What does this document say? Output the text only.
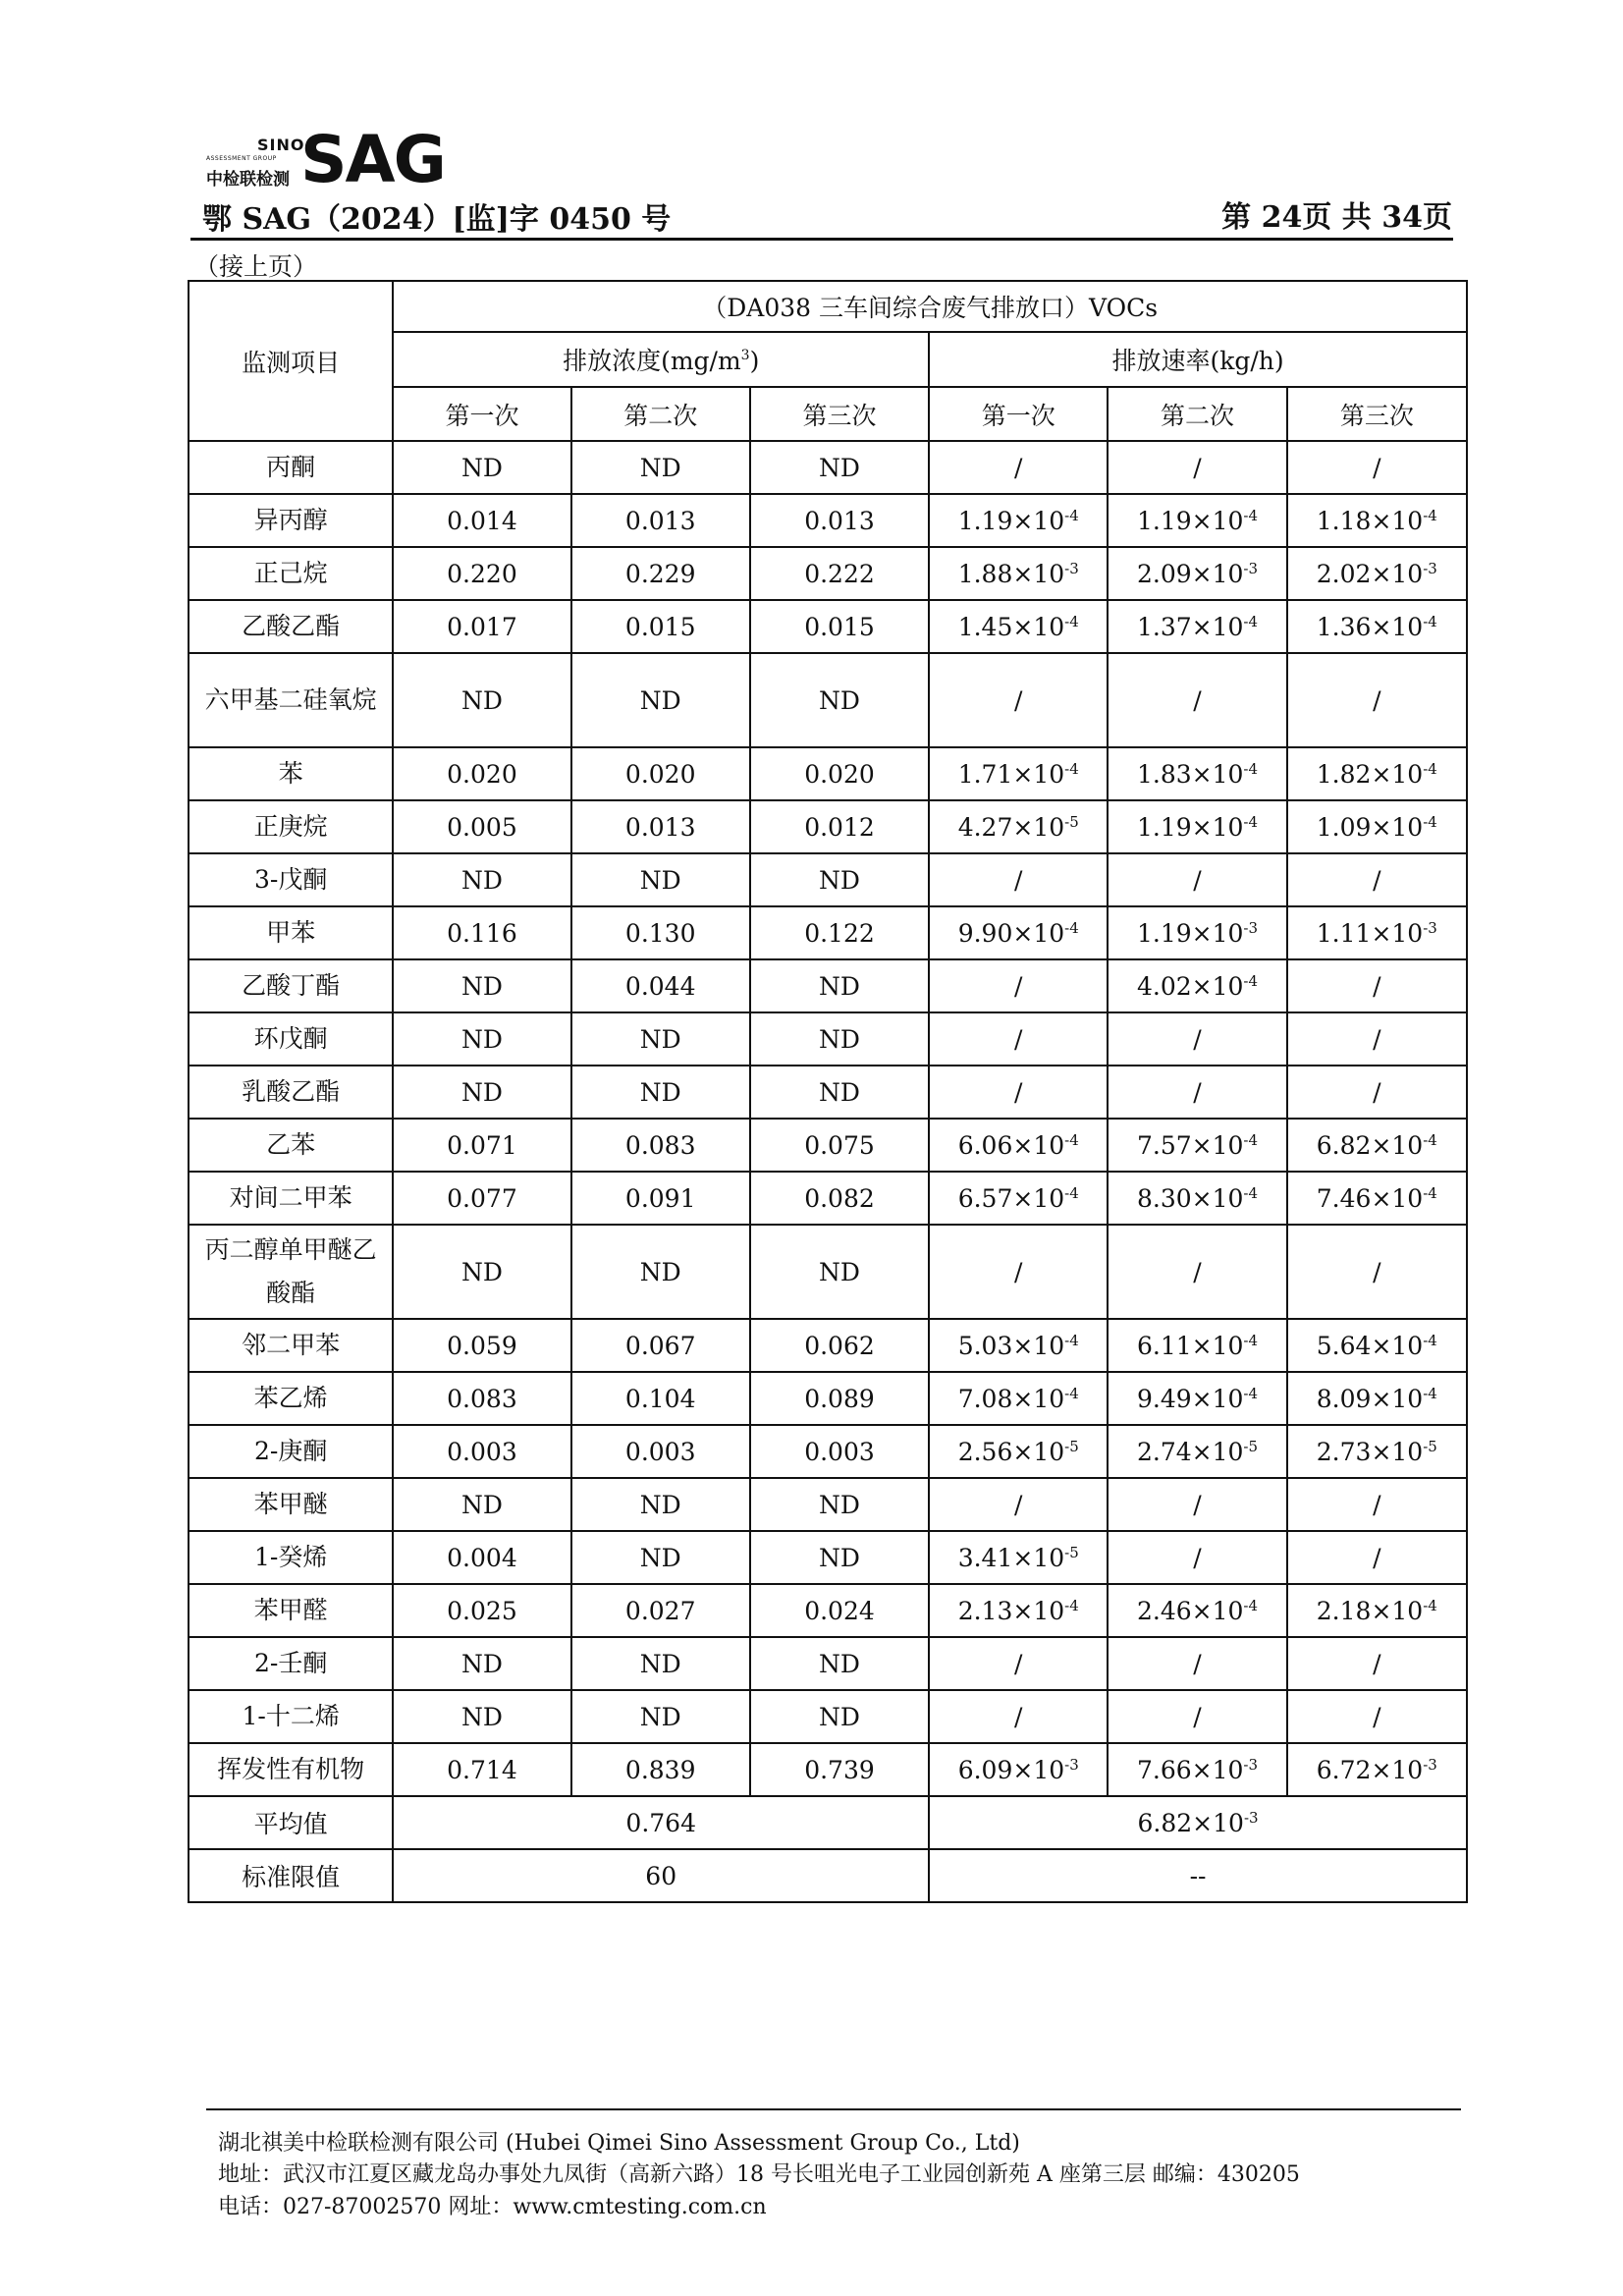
SINO
ASSESSMENT GROUP
中检联检测 SAG
鄂 SAG（2024）[监]字 0450 号	第 24页 共 34页
（接上页）
监测项目	（DA038 三车间综合废气排放口）VOCs					
	排放浓度$(mg/m^3)$			排放速率(kg/h)		
	第一次	第二次	第三次	第一次	第二次	第三次
丙酮	ND	ND	ND	/	/	/
异丙醇	0.014	0.013	0.013	$1.19\times 10^{-4}$	$1.19\times 10^{-4}$	$1.18\times 10^{-4}$
正己烷	0.220	0.229	0.222	$1.88\times 10^{-3}$	$2.09\times 10^{-3}$	$2.02\times 10^{-3}$
乙酸乙酯	0.017	0.015	0.015	$1.45\times 10^{-4}$	$1.37\times 10^{-4}$	$1.36\times 10^{-4}$
六甲基二硅氧烷	ND	ND	ND	/	/	/
苯	0.020	0.020	0.020	$1.71\times 10^{-4}$	$1.83\times 10^{-4}$	$1.82\times 10^{-4}$
正庚烷	0.005	0.013	0.012	$4.27\times 10^{-5}$	$1.19\times 10^{-4}$	$1.09\times 10^{-4}$
3-戊酮	ND	ND	ND	/	/	/
甲苯	0.116	0.130	0.122	$9.90\times 10^{-4}$	$1.19\times 10^{-3}$	$1.11\times 10^{-3}$
乙酸丁酯	ND	0.044	ND	/	$4.02\times 10^{-4}$	/
环戊酮	ND	ND	ND	/	/	/
乳酸乙酯	ND	ND	ND	/	/	/
乙苯	0.071	0.083	0.075	$6.06\times 10^{-4}$	$7.57\times 10^{-4}$	$6.82\times 10^{-4}$
对间二甲苯	0.077	0.091	0.082	$6.57\times 10^{-4}$	$8.30\times 10^{-4}$	$7.46\times 10^{-4}$
丙二醇单甲醚乙酸酯	ND	ND	ND	/	/	/
邻二甲苯	0.059	0.067	0.062	$5.03\times 10^{-4}$	$6.11\times 10^{-4}$	$5.64\times 10^{-4}$
苯乙烯	0.083	0.104	0.089	$7.08\times 10^{-4}$	$9.49\times 10^{-4}$	$8.09\times 10^{-4}$
2-庚酮	0.003	0.003	0.003	$2.56\times 10^{-5}$	$2.74\times 10^{-5}$	$2.73\times 10^{-5}$
苯甲醚	ND	ND	ND	/	/	/
1-癸烯	0.004	ND	ND	$3.41\times 10^{-5}$	/	/
苯甲醛	0.025	0.027	0.024	$2.13\times 10^{-4}$	$2.46\times 10^{-4}$	$2.18\times 10^{-4}$
2-壬酮	ND	ND	ND	/	/	/
1-十二烯	ND	ND	ND	/	/	/
挥发性有机物	0.714	0.839	0.739	$6.09\times 10^{-3}$	$7.66\times 10^{-3}$	$6.72\times 10^{-3}$
平均值	0.764			$6.82\times 10^{-3}$
标准限值	60			--		
湖北祺美中检联检测有限公司 (Hubei Qimei Sino Assessment Group Co., Ltd)
地址：武汉市江夏区藏龙岛办事处九凤街（高新六路）18 号长咀光电子工业园创新苑 A 座第三层 邮编：430205
电话：027-87002570 网址：www.cmtesting.com.cn
